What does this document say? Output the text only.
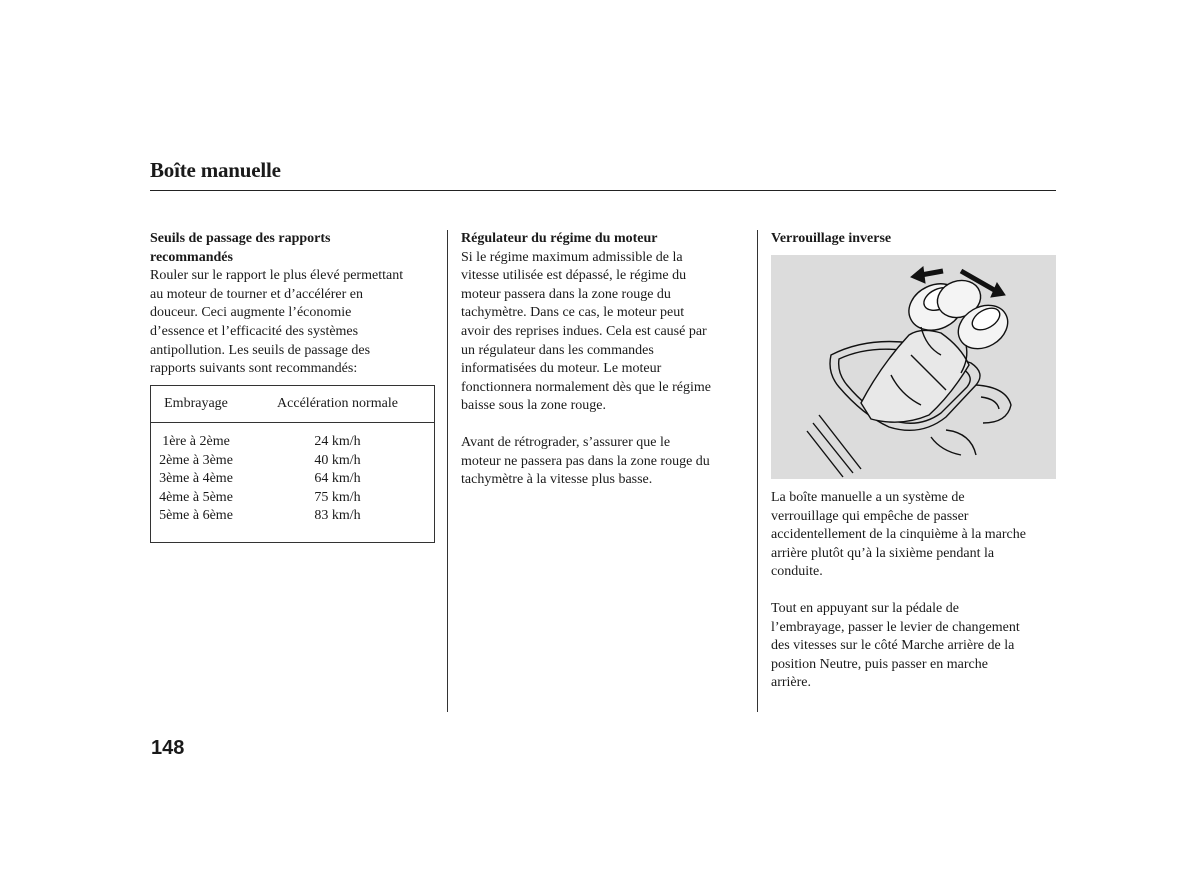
Boîte manuelle

Seuils de passage des rapports

recommandés

Rouler sur le rapport le plus élevé permettant

au moteur de tourner et d’accélérer en

douceur. Ceci augmente l’économie

d’essence et l’efficacité des systèmes

antipollution. Les seuils de passage des

rapports suivants sont recommandés:

Embrayage	Accélération normale
1ère à 2ème	24 km/h
2ème à 3ème	40 km/h
3ème à 4ème	64 km/h
4ème à 5ème	75 km/h
5ème à 6ème	83 km/h

Régulateur du régime du moteur

Si le régime maximum admissible de la

vitesse utilisée est dépassé, le régime du

moteur passera dans la zone rouge du

tachymètre. Dans ce cas, le moteur peut

avoir des reprises indues. Cela est causé par

un régulateur dans les commandes

informatisées du moteur. Le moteur

fonctionnera normalement dès que le régime

baisse sous la zone rouge.

Avant de rétrograder, s’assurer que le

moteur ne passera pas dans la zone rouge du

tachymètre à la vitesse plus basse.

Verrouillage inverse

La boîte manuelle a un système de

verrouillage qui empêche de passer

accidentellement de la cinquième à la marche

arrière plutôt qu’à la sixième pendant la

conduite.

Tout en appuyant sur la pédale de

l’embrayage, passer le levier de changement

des vitesses sur le côté Marche arrière de la

position Neutre, puis passer en marche

arrière.

148
